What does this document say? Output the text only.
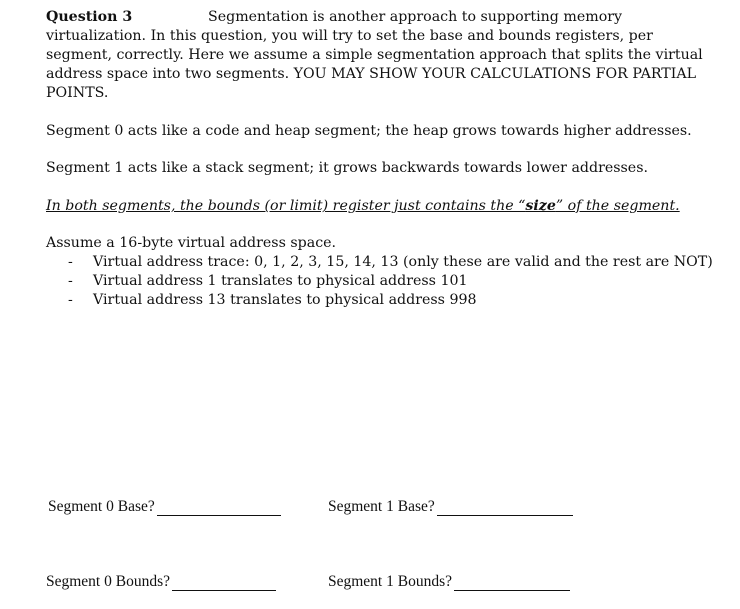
Question 3	Segmentation is another approach to supporting memory
virtualization. In this question, you will try to set the base and bounds registers, per
segment, correctly. Here we assume a simple segmentation approach that splits the virtual
address space into two segments. YOU MAY SHOW YOUR CALCULATIONS FOR PARTIAL
POINTS.

Segment 0 acts like a code and heap segment; the heap grows towards higher addresses.

Segment 1 acts like a stack segment; it grows backwards towards lower addresses.

In both segments, the bounds (or limit) register just contains the “size” of the segment.

Assume a 16-byte virtual address space.
- Virtual address trace: 0, 1, 2, 3, 15, 14, 13 (only these are valid and the rest are NOT)
- Virtual address 1 translates to physical address 101
- Virtual address 13 translates to physical address 998
Segment 0 Base?	Segment 1 Base?
Segment 0 Bounds?	Segment 1 Bounds?
